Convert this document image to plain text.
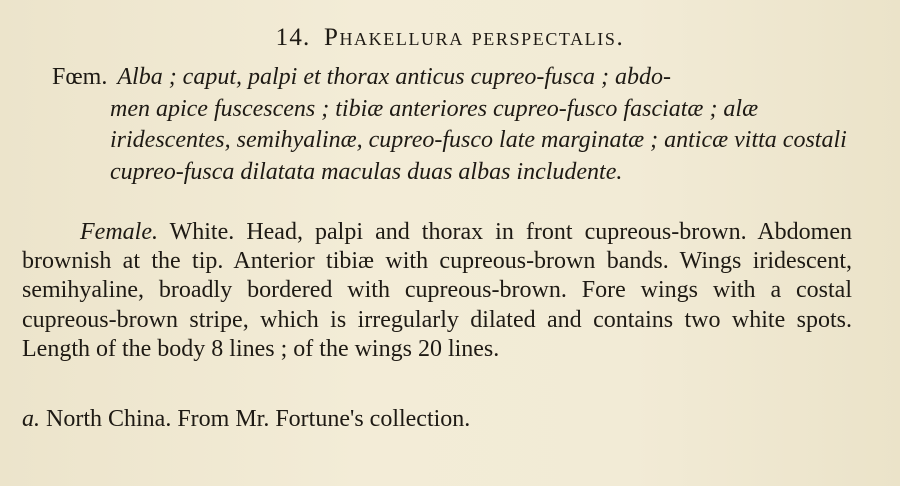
14. Phakellura perspectalis.
Fœm. Alba ; caput, palpi et thorax anticus cupreo-fusca ; abdo-
men apice fuscescens ; tibiæ anteriores cupreo-fusco fasciatæ ; alæ iridescentes, semihyalinæ, cupreo-fusco late marginatæ ; anticæ vitta costali cupreo-fusca dilatata maculas duas albas includente.
Female. White. Head, palpi and thorax in front cupreous-brown. Abdomen brownish at the tip. Anterior tibiæ with cupreous-brown bands. Wings iridescent, semihyaline, broadly bordered with cupreous-brown. Fore wings with a costal cupreous-brown stripe, which is irregularly dilated and contains two white spots. Length of the body 8 lines ; of the wings 20 lines.
a. North China. From Mr. Fortune's collection.
